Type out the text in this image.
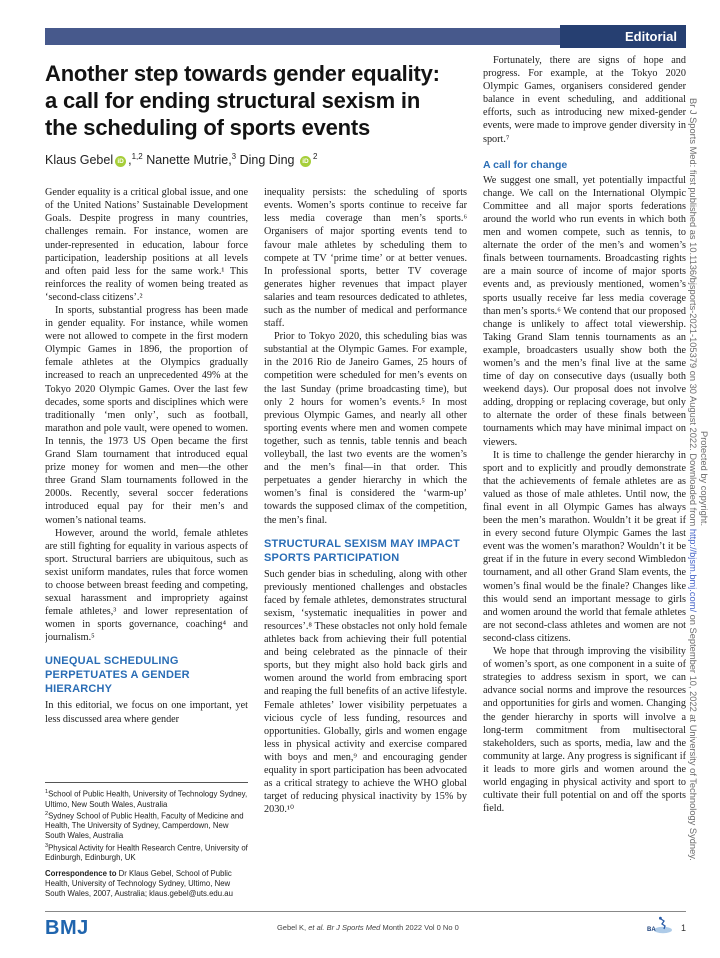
Editorial
Another step towards gender equality:
a call for ending structural sexism in
the scheduling of sports events
Klaus Gebel iD ,$^{1,2}$ Nanette Mutrie,$^3$ Ding Ding $iD^2$

Gender equality is a critical global issue, and one of the United Nations’ Sustainable Development Goals. Despite progress in many countries, challenges remain. For instance, women are under-represented in education, labour force participation, leadership positions at all levels and often paid less for the same work.¹ This reinforces the reality of women being treated as ‘second-class citizens’.²

In sports, substantial progress has been made in gender equality. For instance, while women were not allowed to compete in the first modern Olympic Games in 1896, the proportion of female athletes at the Olympics gradually increased to reach an unprecedented 49% at the Tokyo 2020 Olympic Games. Over the last few decades, some sports and disciplines which were traditionally ‘men only’, such as football, marathon and pole vault, were opened to women. In tennis, the 1973 US Open became the first Grand Slam tournament that introduced equal prize money for women and men—the other three Grand Slam tournaments followed in the 2000s. Recently, several soccer federations introduced equal pay for their men’s and women’s national teams.

However, around the world, female athletes are still fighting for equality in various aspects of sport. Structural barriers are ubiquitous, such as sexist uniform mandates, rules that force women to choose between breast feeding and competing, sexual harassment and impropriety against female athletes,³ and lower representation of women in sports governance, coaching⁴ and journalism.⁵

UNEQUAL SCHEDULING PERPETUATES A GENDER HIERARCHY

In this editorial, we focus on one important, yet less discussed area where gender

$^1$School of Public Health, University of Technology Sydney, Ultimo, New South Wales, Australia
$^2$Sydney School of Public Health, Faculty of Medicine and Health, The University of Sydney, Camperdown, New South Wales, Australia
$^3$Physical Activity for Health Research Centre, University of Edinburgh, Edinburgh, UK
Correspondence to Dr Klaus Gebel, School of Public Health, University of Technology Sydney, Ultimo, New South Wales, 2007, Australia; klaus.gebel@uts.edu.au

inequality persists: the scheduling of sports events. Women’s sports continue to receive far less media coverage than men’s sports.⁶ Organisers of major sporting events tend to favour male athletes by scheduling them to compete at TV ‘prime time’ or at better venues. In professional sports, better TV coverage generates higher revenues that impact player salaries and team resources dedicated to athletes, such as the number of medical and performance staff.

Prior to Tokyo 2020, this scheduling bias was substantial at the Olympic Games. For example, in the 2016 Rio de Janeiro Games, 25 hours of competition were scheduled for men’s events on the last Sunday (prime broadcasting time), but only 2 hours for women’s events.⁵ In most previous Olympic Games, and nearly all other sporting events where men and women compete together, such as tennis, table tennis and beach volleyball, the last two events are the women’s and the men’s final—in that order. This perpetuates a gender hierarchy in which the women’s final is considered the ‘warm-up’ towards the supposed climax of the competition, the men’s final.

STRUCTURAL SEXISM MAY IMPACT SPORTS PARTICIPATION

Such gender bias in scheduling, along with other previously mentioned challenges and obstacles faced by female athletes, demonstrates structural sexism, ‘systematic inequalities in power and resources’.⁸ These obstacles not only hold female athletes back from achieving their full potential and being celebrated as the pinnacle of their sports, but they might also hold back girls and women around the world from embracing sport and reaping the full benefits of an active lifestyle. Female athletes’ lower visibility perpetuates a vicious cycle of less funding, resources and opportunities. Globally, girls and women engage less in physical activity and exercise compared with boys and men,⁹ and encouraging gender equality in sport participation has been advocated as a critical strategy to achieve the WHO global target of reducing physical inactivity by 15% by 2030.¹⁰

Fortunately, there are signs of hope and progress. For example, at the Tokyo 2020 Olympic Games, organisers considered gender balance in event scheduling, and additional efforts, such as introducing new mixed-gender events, were made to improve gender diversity in sport.⁷

A call for change

We suggest one small, yet potentially impactful change. We call on the International Olympic Committee and all major sports federations around the world who run events in which both men and women compete, such as tennis, to alternate the order of the men’s and women’s finals between tournaments. Broadcasting rights are a main source of income of major sports events and, as previously mentioned, women’s sports usually receive far less media coverage than men’s sports.⁶ We contend that our proposed change is unlikely to affect total viewership. Taking Grand Slam tennis tournaments as an example, broadcasters usually show both the women’s and the men’s final live at the same time of day on consecutive days (usually both weekend days). Our proposal does not involve adding, dropping or replacing coverage, but only to alternate the order of these finals between tournaments which may have minimal impact on viewers.

It is time to challenge the gender hierarchy in sport and to explicitly and proudly demonstrate that the achievements of female athletes are as valued as those of male athletes. Until now, the final event in all Olympic Games has always been the men’s marathon. Wouldn’t it be great if in every second future Olympic Games the last event was the women’s marathon? Wouldn’t it be great if in the future in every second Wimbledon tournament, and all other Grand Slam events, the women’s final would be the finale? Changes like this would send an important message to girls and women around the world that female athletes are not second-class athletes and women are not second-class citizens.

We hope that through improving the visibility of women’s sport, as one component in a suite of strategies to address sexism in sport, we can advance social norms and improve the resources and opportunities for girls and women. Changing the gender hierarchy in sports will involve a long-term commitment from multisectoral stakeholders, such as sports, media, law and the community at large. Any progress is significant if it leads to more girls and women around the world engaging in physical activity and sport to cultivate their full potential on and off the sports field.

BMJ	Gebel K, et al. Br J Sports Med Month 2022 Vol 0 No 0	BA	1
Br J Sports Med: first published as 10.1136/bjsports-2021-105379 on 30 August 2022. Downloaded from http://bjsm.bmj.com/ on September 10, 2022 at University of Technology Sydney.
Protected by copyright.
